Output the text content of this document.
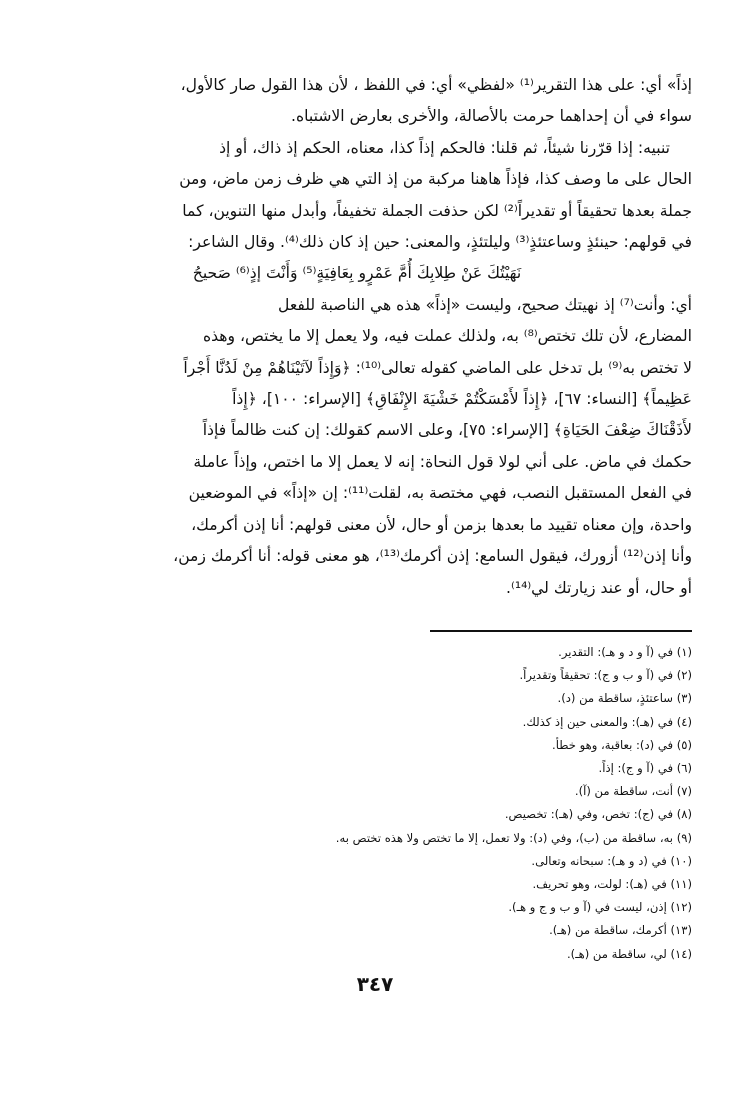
إذاً» أي: على هذا التقرير⁽¹⁾ «لفظي» أي: في اللفظ ، لأن هذا القول صار كالأول،

سواء في أن إحداهما حرمت بالأصالة، والأخرى بعارض الاشتباه.

تنبيه: إذا قرّرنا شيئاً، ثم قلنا: فالحكم إذاً كذا، معناه، الحكم إذ ذاك، أو إذ

الحال على ما وصف كذا، فإذاً هاهنا مركبة من إذ التي هي ظرف زمن ماض، ومن

جملة بعدها تحقيقاً أو تقديراً⁽²⁾ لكن حذفت الجملة تخفيفاً، وأبدل منها التنوين، كما

في قولهم: حينئذٍ وساعتئذٍ⁽³⁾ وليلتئذٍ، والمعنى: حين إذ كان ذلك⁽⁴⁾. وقال الشاعر:

نَهَيْتُكَ عَنْ طِلابِكَ أُمَّ عَمْرٍو بِعَافِيَةٍ⁽⁵⁾ وَأَنْتَ إذٍ⁽⁶⁾ صَحيحُ

أي: وأنت⁽⁷⁾ إذ نهيتك صحيح، وليست «إذاً» هذه هي الناصبة للفعل

المضارع، لأن تلك تختص⁽⁸⁾ به، ولذلك عملت فيه، ولا يعمل إلا ما يختص، وهذه

لا تختص به⁽⁹⁾ بل تدخل على الماضي كقوله تعالى⁽¹⁰⁾: ﴿وَإِذاً لآتَيْنَاهُمْ مِنْ لَدُنَّا أَجْراً

عَظِيماً﴾ [النساء: ٦٧]، ﴿إِذاً لأَمْسَكْتُمْ خَشْيَةَ الإِنْفَاقِ﴾ [الإسراء: ١٠٠]، ﴿إِذاً

لأَذَقْنَاكَ ضِعْفَ الحَيَاةِ﴾ [الإسراء: ٧٥]، وعلى الاسم كقولك: إن كنت ظالماً فإذاً

حكمك في ماض. على أني لولا قول النحاة: إنه لا يعمل إلا ما اختص، وإذاً عاملة

في الفعل المستقبل النصب، فهي مختصة به، لقلت⁽¹¹⁾: إن «إذاً» في الموضعين

واحدة، وإن معناه تقييد ما بعدها بزمن أو حال، لأن معنى قولهم: أنا إذن أكرمك،

وأنا إذن⁽¹²⁾ أزورك، فيقول السامع: إذن أكرمك⁽¹³⁾، هو معنى قوله: أنا أكرمك زمن،

أو حال، أو عند زيارتك لي⁽¹⁴⁾.

(١) في (آ و د و هـ): التقدير.

(٢) في (آ و ب و ج): تحقيقاً وتقديراً.

(٣) ساعتئذٍ، ساقطة من (د).

(٤) في (هـ): والمعنى حين إذ كذلك.

(٥) في (د): بعاقبة، وهو خطأ.

(٦) في (آ و ج): إذاً.

(٧) أنت، ساقطة من (آ).

(٨) في (ج): تخص، وفي (هـ): تخصيص.

(٩) به، ساقطة من (ب)، وفي (د): ولا تعمل، إلا ما تختص ولا هذه تختص به.

(١٠) في (د و هـ): سبحانه وتعالى.

(١١) في (هـ): لولت، وهو تحريف.

(١٢) إذن، ليست في (آ و ب و ج و هـ).

(١٣) أكرمك، ساقطة من (هـ).

(١٤) لي، ساقطة من (هـ).

٣٤٧
